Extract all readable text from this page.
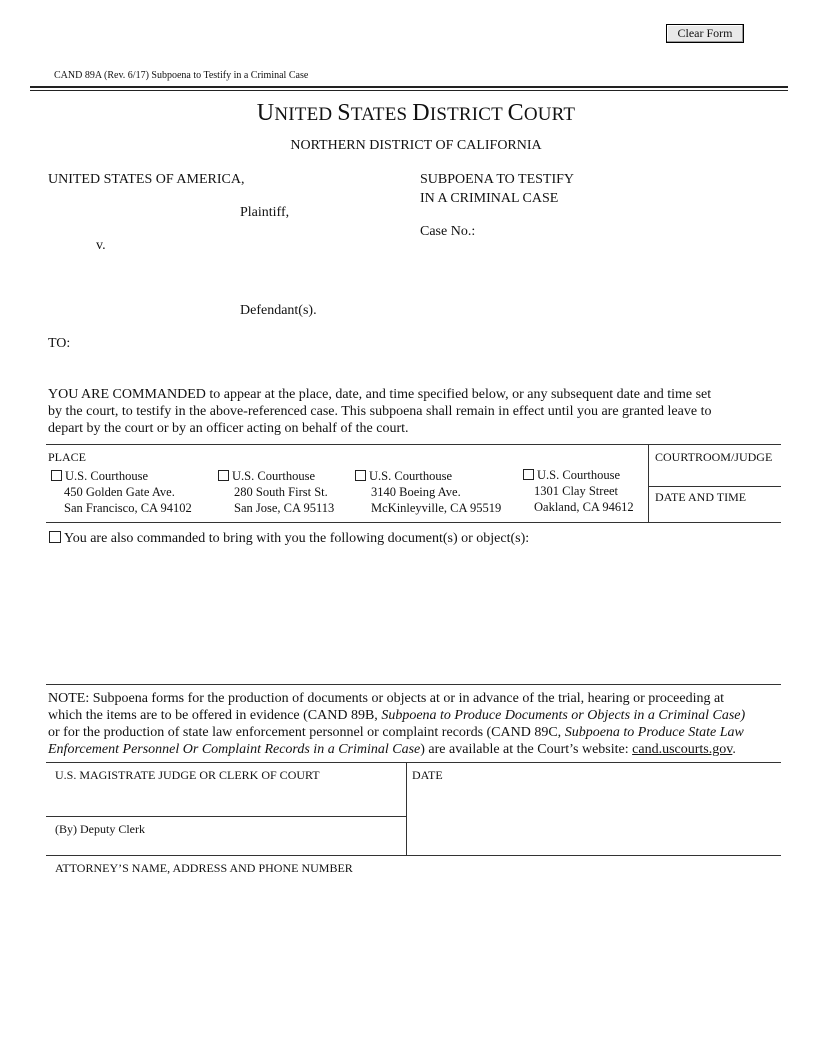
Clear Form
CAND 89A (Rev. 6/17) Subpoena to Testify in a Criminal Case
UNITED STATES DISTRICT COURT
NORTHERN DISTRICT OF CALIFORNIA
UNITED STATES OF AMERICA,
Plaintiff,
v.
Defendant(s).
SUBPOENA TO TESTIFY
IN A CRIMINAL CASE
Case No.:
TO:
YOU ARE COMMANDED to appear at the place, date, and time specified below, or any subsequent date and time set
by the court, to testify in the above-referenced case. This subpoena shall remain in effect until you are granted leave to
depart by the court or by an officer acting on behalf of the court.
PLACE	COURTROOM/JUDGE
DATE AND TIME
U.S. Courthouse
450 Golden Gate Ave.
San Francisco, CA 94102
U.S. Courthouse
280 South First St.
San Jose, CA 95113
U.S. Courthouse
3140 Boeing Ave.
McKinleyville, CA 95519
U.S. Courthouse
1301 Clay Street
Oakland, CA 94612
You are also commanded to bring with you the following document(s) or object(s):
NOTE: Subpoena forms for the production of documents or objects at or in advance of the trial, hearing or proceeding at
which the items are to be offered in evidence (CAND 89B, Subpoena to Produce Documents or Objects in a Criminal Case)
or for the production of state law enforcement personnel or complaint records (CAND 89C, Subpoena to Produce State Law
Enforcement Personnel Or Complaint Records in a Criminal Case) are available at the Court’s website: cand.uscourts.gov.
U.S. MAGISTRATE JUDGE OR CLERK OF COURT	DATE
(By) Deputy Clerk
ATTORNEY’S NAME, ADDRESS AND PHONE NUMBER
